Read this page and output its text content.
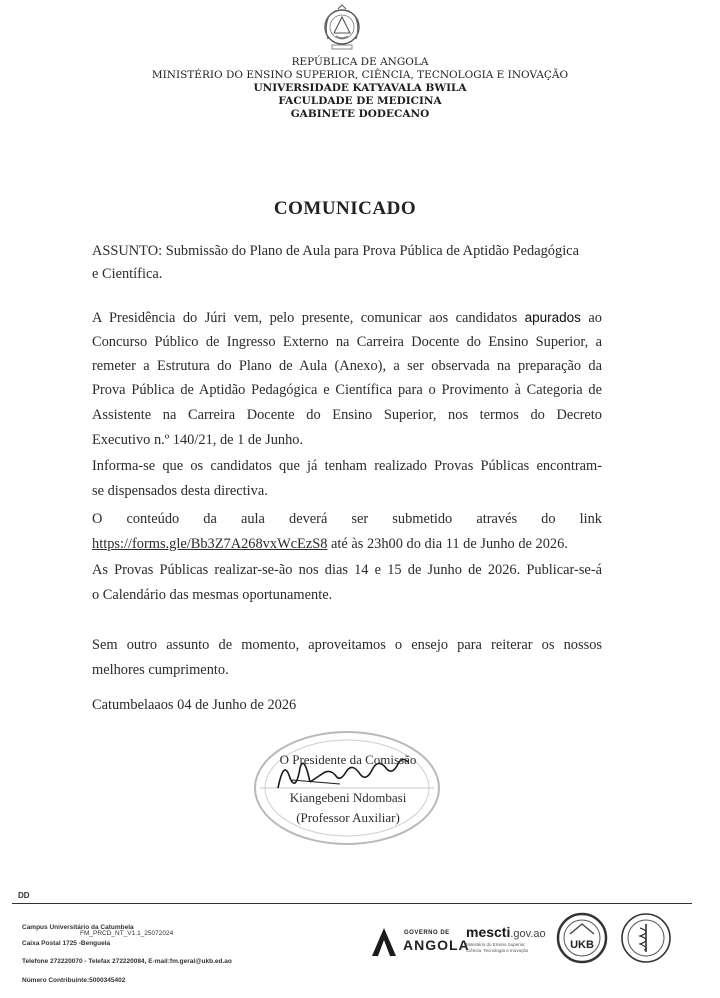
REPÚBLICA DE ANGOLA
MINISTÉRIO DO ENSINO SUPERIOR, CIÊNCIA, TECNOLOGIA E INOVAÇÃO
UNIVERSIDADE KATYAVALA BWILA
FACULDADE DE MEDICINA
GABINETE DODECANO
COMUNICADO
ASSUNTO: Submissão do Plano de Aula para Prova Pública de Aptidão Pedagógica
e Científica.
A Presidência do Júri vem, pelo presente, comunicar aos candidatos apurados ao
Concurso Público de Ingresso Externo na Carreira Docente do Ensino Superior, a
remeter a Estrutura do Plano de Aula (Anexo), a ser observada na preparação da
Prova Pública de Aptidão Pedagógica e Científica para o Provimento à Categoria de
Assistente na Carreira Docente do Ensino Superior, nos termos do Decreto
Executivo n.º 140/21, de 1 de Junho.
Informa-se que os candidatos que já tenham realizado Provas Públicas encontram-
se dispensados desta directiva.
O conteúdo da aula deverá ser submetido através do link
https://forms.gle/Bb3Z7A268vxWcEzS8 até às 23h00 do dia 11 de Junho de 2026.
As Provas Públicas realizar-se-ão nos dias 14 e 15 de Junho de 2026. Publicar-se-á
o Calendário das mesmas oportunamente.
Sem outro assunto de momento, aproveitamos o ensejo para reiterar os nossos
melhores cumprimento.
Catumbelaaos 04 de Junho de 2026
O Presidente da Comissão
Kiangebeni Ndombasi
(Professor Auxiliar)
DD
Campus Universitário da Catumbela
FM_PRCD_NT_V1.1_25072024
Caixa Postal 1725 -Benguela
Telefone 272220070 - Telefax 272220084, E-mail:fm.geral@ukb.ed.ao
Número Contribuinte:5000345402
GOVERNO DE
ANGOLA
mescti.gov.ao
Ministério do Ensino Superior, Ciência, Tecnologia e Inovação	UKB
